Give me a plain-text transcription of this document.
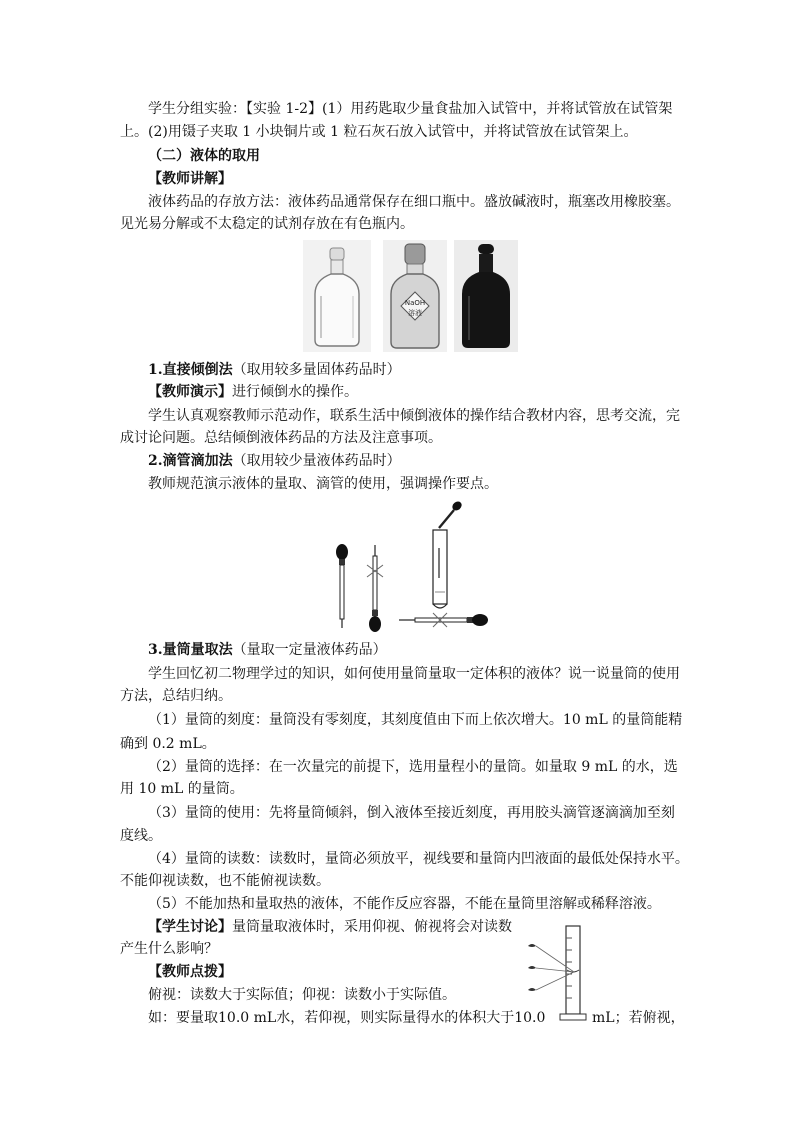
学生分组实验：【实验 1-2】(1）用药匙取少量食盐加入试管中，并将试管放在试管架
上。(2)用镊子夹取 1 小块铜片或 1 粒石灰石放入试管中，并将试管放在试管架上。
（二）液体的取用
【教师讲解】
液体药品的存放方法：液体药品通常保存在细口瓶中。盛放碱液时，瓶塞改用橡胶塞。
见光易分解或不太稳定的试剂存放在有色瓶内。
NaOH
溶液
1.直接倾倒法（取用较多量固体药品时）
【教师演示】进行倾倒水的操作。
学生认真观察教师示范动作，联系生活中倾倒液体的操作结合教材内容，思考交流，完
成讨论问题。总结倾倒液体药品的方法及注意事项。
2.滴管滴加法（取用较少量液体药品时）
教师规范演示液体的量取、滴管的使用，强调操作要点。
3.量筒量取法（量取一定量液体药品）
学生回忆初二物理学过的知识，如何使用量筒量取一定体积的液体？说一说量筒的使用
方法，总结归纳。
（1）量筒的刻度：量筒没有零刻度，其刻度值由下而上依次增大。10 mL 的量筒能精
确到 0.2 mL。
（2）量筒的选择：在一次量完的前提下，选用量程小的量筒。如量取 9 mL 的水，选
用 10 mL 的量筒。
（3）量筒的使用：先将量筒倾斜，倒入液体至接近刻度，再用胶头滴管逐滴滴加至刻
度线。
（4）量筒的读数：读数时，量筒必须放平，视线要和量筒内凹液面的最低处保持水平。
不能仰视读数，也不能俯视读数。
（5）不能加热和量取热的液体，不能作反应容器，不能在量筒里溶解或稀释溶液。
【学生讨论】量筒量取液体时，采用仰视、俯视将会对读数
产生什么影响？
【教师点拨】
俯视：读数大于实际值；仰视：读数小于实际值。
如：要量取10.0 mL水，若仰视，则实际量得水的体积大于10.0	mL；若俯视，
